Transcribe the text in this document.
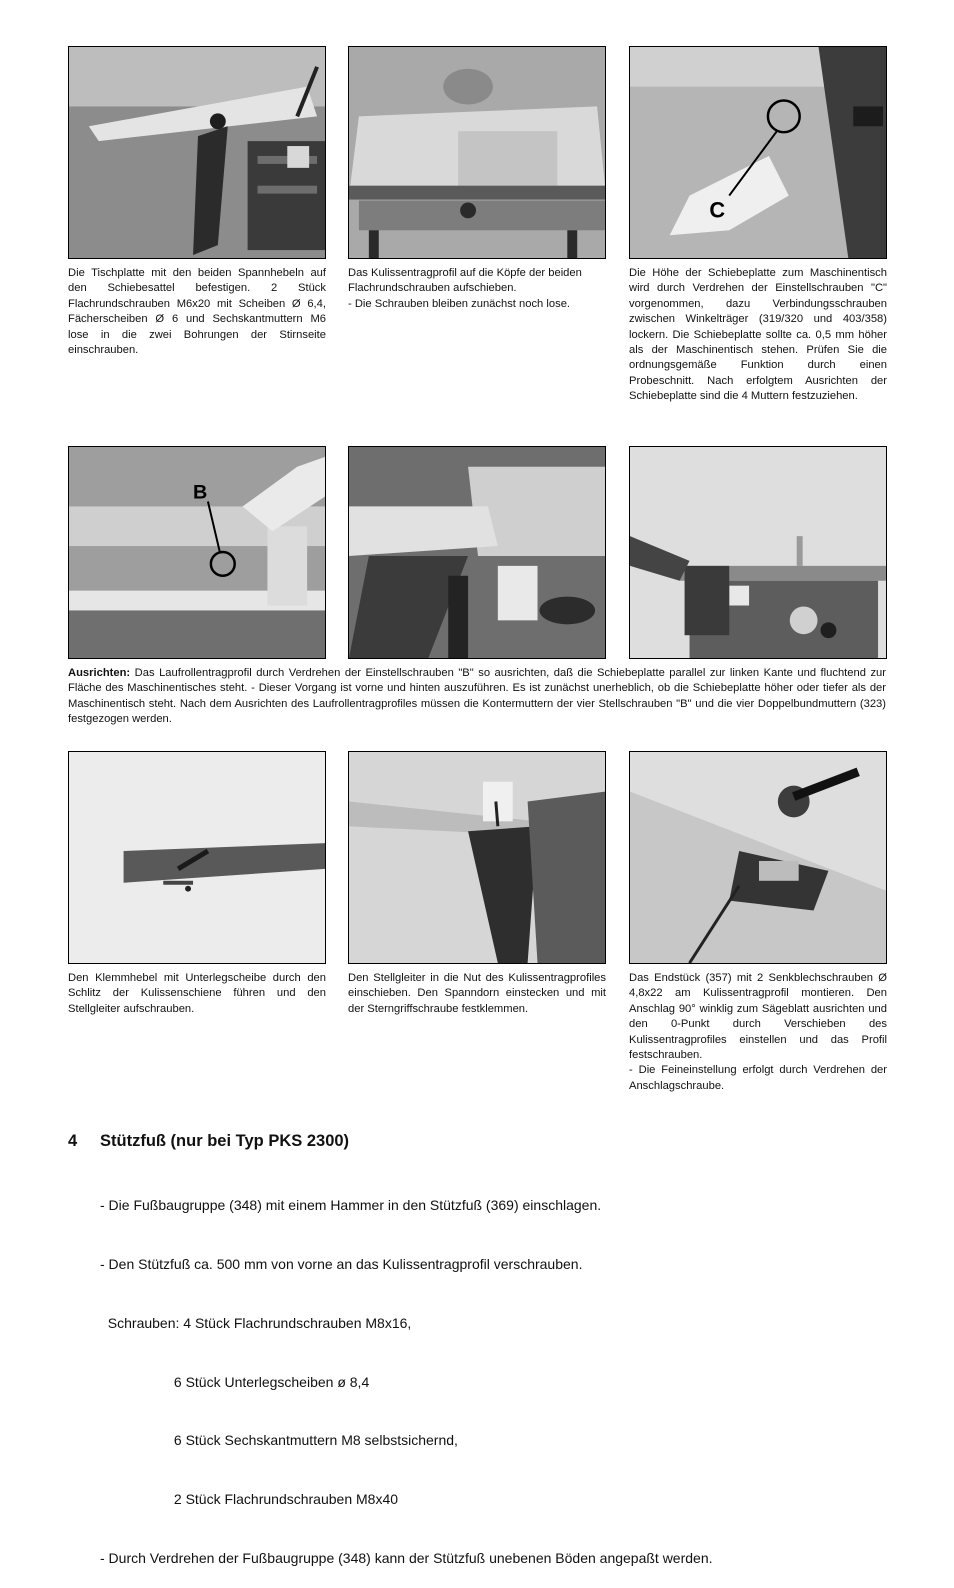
C
Die Tischplatte mit den beiden Spannhebeln auf den Schiebesattel befestigen. 2 Stück Flachrundschrauben M6x20 mit Scheiben Ø 6,4, Fächerscheiben Ø 6 und Sechskantmuttern M6 lose in die zwei Bohrungen der Stirnseite einschrauben.
Das Kulissentragprofil auf die Köpfe der beiden Flachrundschrauben aufschieben.
- Die Schrauben bleiben zunächst noch lose.
Die Höhe der Schiebeplatte zum Maschinentisch wird durch Verdrehen der Einstellschrauben "C" vorgenommen, dazu Verbindungsschrauben zwischen Winkelträger (319/320 und 403/358) lockern. Die Schiebeplatte sollte ca. 0,5 mm höher als der Maschinentisch stehen. Prüfen Sie die ordnungsgemäße Funktion durch einen Probeschnitt. Nach erfolgtem Ausrichten der Schiebeplatte sind die 4 Muttern festzuziehen.
B
Ausrichten: Das Laufrollentragprofil durch Verdrehen der Einstellschrauben "B" so ausrichten, daß die Schiebeplatte parallel zur linken Kante und fluchtend zur Fläche des Maschinentisches steht. - Dieser Vorgang ist vorne und hinten auszuführen. Es ist zunächst unerheblich, ob die Schiebeplatte höher oder tiefer als der Maschinentisch steht. Nach dem Ausrichten des Laufrollentragprofiles müssen die Kontermuttern der vier Stellschrauben "B" und die vier Doppelbundmuttern (323) festgezogen werden.
Den Klemmhebel mit Unterlegscheibe durch den Schlitz der Kulissenschiene führen und den Stellgleiter aufschrauben.
Den Stellgleiter in die Nut des Kulissentragprofiles einschieben. Den Spanndorn einstecken und mit der Sterngriffschraube festklemmen.
Das Endstück (357) mit 2 Senkblechschrauben Ø 4,8x22 am Kulissentragprofil montieren. Den Anschlag 90° winklig zum Sägeblatt ausrichten und den 0-Punkt durch Verschieben des Kulissentragprofiles einstellen und das Profil festschrauben.
- Die Feineinstellung erfolgt durch Verdrehen der Anschlagschraube.
4 Stützfuß (nur bei Typ PKS 2300)

- Die Fußbaugruppe (348) mit einem Hammer in den Stützfuß (369) einschlagen.

- Den Stützfuß ca. 500 mm von vorne an das Kulissentragprofil verschrauben.

Schrauben: 4 Stück Flachrundschrauben M8x16,

6 Stück Unterlegscheiben ø 8,4

6 Stück Sechskantmuttern M8 selbstsichernd,

2 Stück Flachrundschrauben M8x40

- Durch Verdrehen der Fußbaugruppe (348) kann der Stützfuß unebenen Böden angepaßt werden.
